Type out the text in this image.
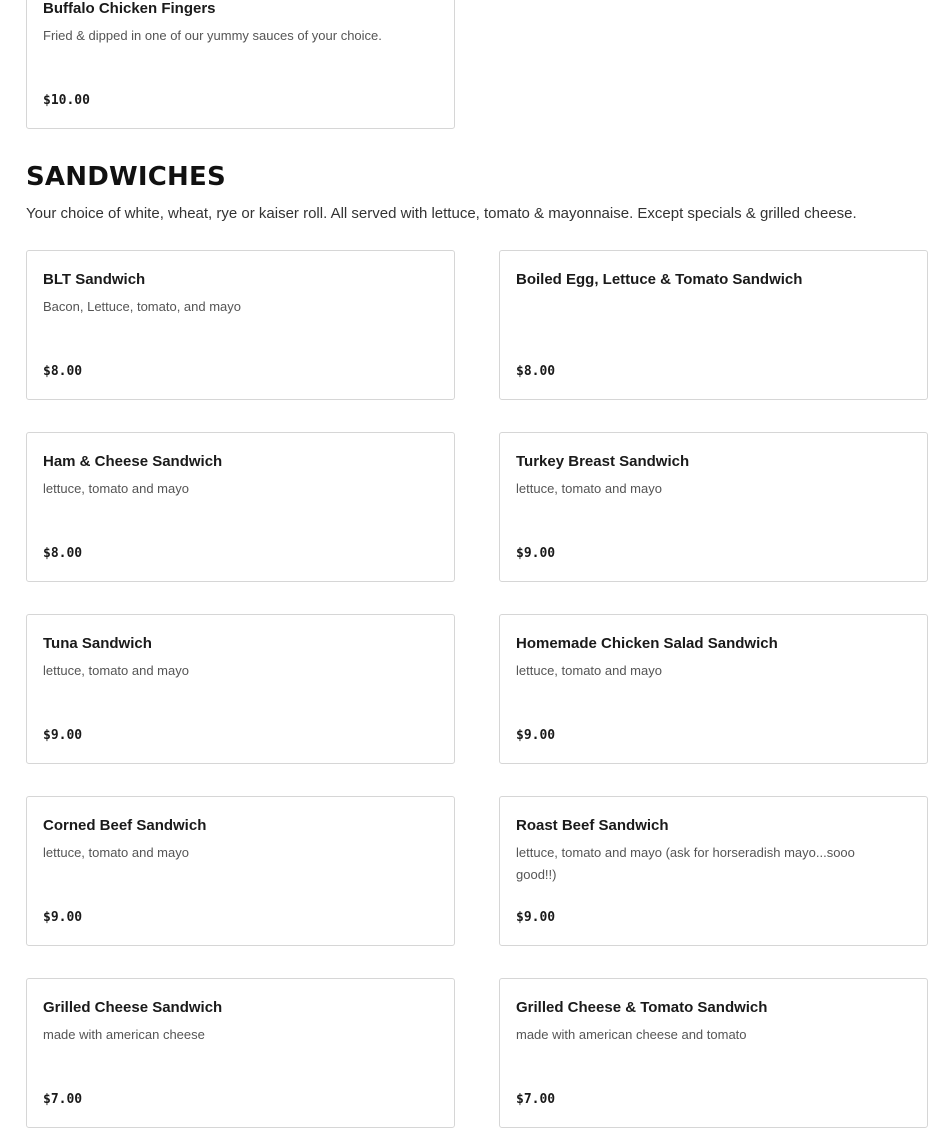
Buffalo Chicken Fingers
Fried & dipped in one of our yummy sauces of your choice.
$10.00
SANDWICHES
Your choice of white, wheat, rye or kaiser roll. All served with lettuce, tomato & mayonnaise. Except specials & grilled cheese.
BLT Sandwich
Bacon, Lettuce, tomato, and mayo
$8.00
Boiled Egg, Lettuce & Tomato Sandwich
$8.00
Ham & Cheese Sandwich
lettuce, tomato and mayo
$8.00
Turkey Breast Sandwich
lettuce, tomato and mayo
$9.00
Tuna Sandwich
lettuce, tomato and mayo
$9.00
Homemade Chicken Salad Sandwich
lettuce, tomato and mayo
$9.00
Corned Beef Sandwich
lettuce, tomato and mayo
$9.00
Roast Beef Sandwich
lettuce, tomato and mayo (ask for horseradish mayo...sooo good!!)
$9.00
Grilled Cheese Sandwich
made with american cheese
$7.00
Grilled Cheese & Tomato Sandwich
made with american cheese and tomato
$7.00
